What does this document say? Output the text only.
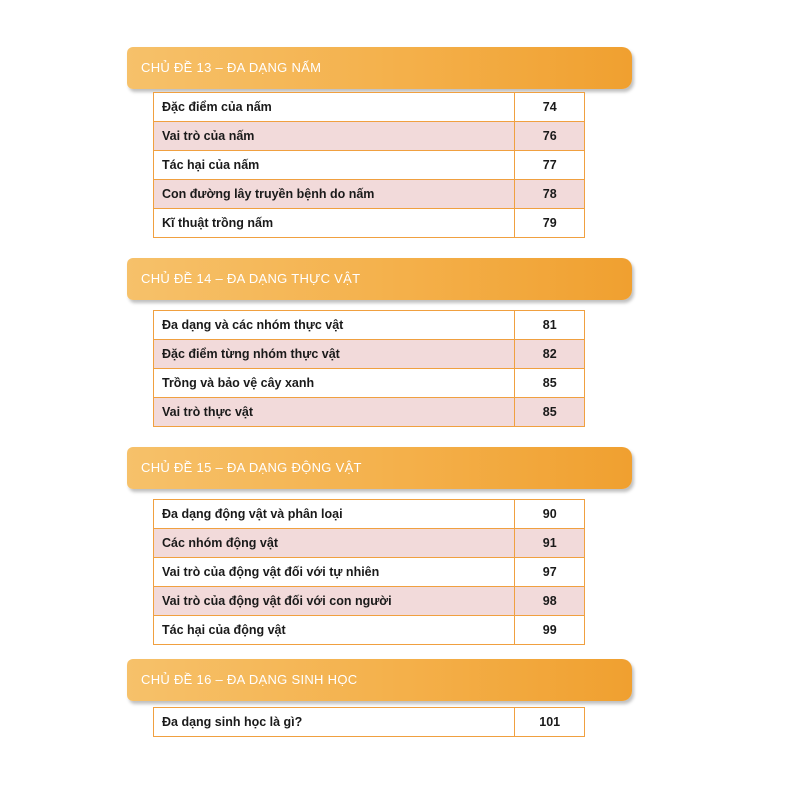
CHỦ ĐỀ 13 – ĐA DẠNG NẤM
Đặc điểm của nấm	74
Vai trò của nấm	76
Tác hại của nấm	77
Con đường lây truyền bệnh do nấm	78
Kĩ thuật trồng nấm	79
CHỦ ĐỀ 14 – ĐA DẠNG THỰC VẬT
Đa dạng và các nhóm thực vật	81
Đặc điểm từng nhóm thực vật	82
Trồng và bảo vệ cây xanh	85
Vai trò thực vật	85
CHỦ ĐỀ 15 – ĐA DẠNG ĐỘNG VẬT
Đa dạng động vật và phân loại	90
Các nhóm động vật	91
Vai trò của động vật đối với tự nhiên	97
Vai trò của động vật đối với con người	98
Tác hại của động vật	99
CHỦ ĐỀ 16 – ĐA DẠNG SINH HỌC
Đa dạng sinh học là gì?	101
